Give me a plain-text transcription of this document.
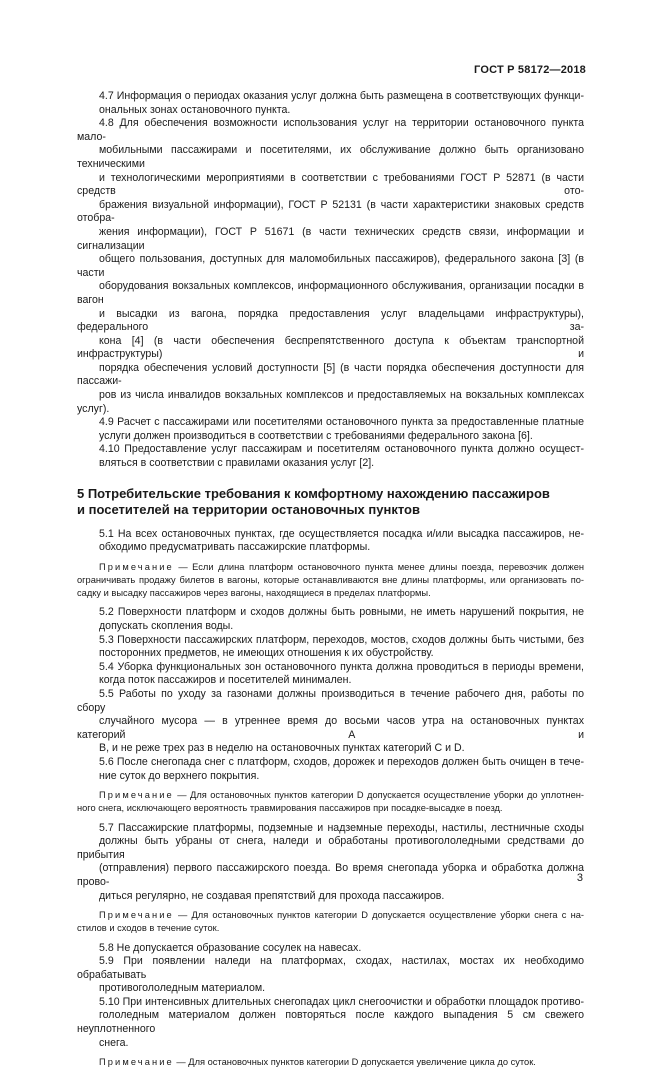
ГОСТ Р 58172—2018
4.7 Информация о периодах оказания услуг должна быть размещена в соответствующих функци-
ональных зонах остановочного пункта.
4.8 Для обеспечения возможности использования услуг на территории остановочного пункта мало-
мобильными пассажирами и посетителями, их обслуживание должно быть организовано техническими
и технологическими мероприятиями в соответствии с требованиями ГОСТ Р 52871 (в части средств ото-
бражения визуальной информации), ГОСТ Р 52131 (в части характеристики знаковых средств отобра-
жения информации), ГОСТ Р 51671 (в части технических средств связи, информации и сигнализации
общего пользования, доступных для маломобильных пассажиров), федерального закона [3] (в части
оборудования вокзальных комплексов, информационного обслуживания, организации посадки в вагон
и высадки из вагона, порядка предоставления услуг владельцами инфраструктуры), федерального за-
кона [4] (в части обеспечения беспрепятственного доступа к объектам транспортной инфраструктуры) и
порядка обеспечения условий доступности [5] (в части порядка обеспечения доступности для пассажи-
ров из числа инвалидов вокзальных комплексов и предоставляемых на вокзальных комплексах услуг).
4.9 Расчет с пассажирами или посетителями остановочного пункта за предоставленные платные
услуги должен производиться в соответствии с требованиями федерального закона [6].
4.10 Предоставление услуг пассажирам и посетителям остановочного пункта должно осущест-
вляться в соответствии с правилами оказания услуг [2].
5 Потребительские требования к комфортному нахождению пассажиров
и посетителей на территории остановочных пунктов
5.1 На всех остановочных пунктах, где осуществляется посадка и/или высадка пассажиров, не-
обходимо предусматривать пассажирские платформы.
Примечание — Если длина платформ остановочного пункта менее длины поезда, перевозчик должен
ограничивать продажу билетов в вагоны, которые останавливаются вне длины платформы, или организовать по-
садку и высадку пассажиров через вагоны, находящиеся в пределах платформы.
5.2 Поверхности платформ и сходов должны быть ровными, не иметь нарушений покрытия, не
допускать скопления воды.
5.3 Поверхности пассажирских платформ, переходов, мостов, сходов должны быть чистыми, без
посторонних предметов, не имеющих отношения к их обустройству.
5.4 Уборка функциональных зон остановочного пункта должна проводиться в периоды времени,
когда поток пассажиров и посетителей минимален.
5.5 Работы по уходу за газонами должны производиться в течение рабочего дня, работы по сбору
случайного мусора — в утреннее время до восьми часов утра на остановочных пунктах категорий А и
В, и не реже трех раз в неделю на остановочных пунктах категорий С и D.
5.6 После снегопада снег с платформ, сходов, дорожек и переходов должен быть очищен в тече-
ние суток до верхнего покрытия.
Примечание — Для остановочных пунктов категории D допускается осуществление уборки до уплотнен-
ного снега, исключающего вероятность травмирования пассажиров при посадке-высадке в поезд.
5.7 Пассажирские платформы, подземные и надземные переходы, настилы, лестничные сходы
должны быть убраны от снега, наледи и обработаны противогололедными средствами до прибытия
(отправления) первого пассажирского поезда. Во время снегопада уборка и обработка должна прово-
диться регулярно, не создавая препятствий для прохода пассажиров.
Примечание — Для остановочных пунктов категории D допускается осуществление уборки снега с на-
стилов и сходов в течение суток.
5.8 Не допускается образование сосулек на навесах.
5.9 При появлении наледи на платформах, сходах, настилах, мостах их необходимо обрабатывать
противогололедным материалом.
5.10 При интенсивных длительных снегопадах цикл снегоочистки и обработки площадок противо-
гололедным материалом должен повторяться после каждого выпадения 5 см свежего неуплотненного
снега.
Примечание — Для остановочных пунктов категории D допускается увеличение цикла до суток.
3
